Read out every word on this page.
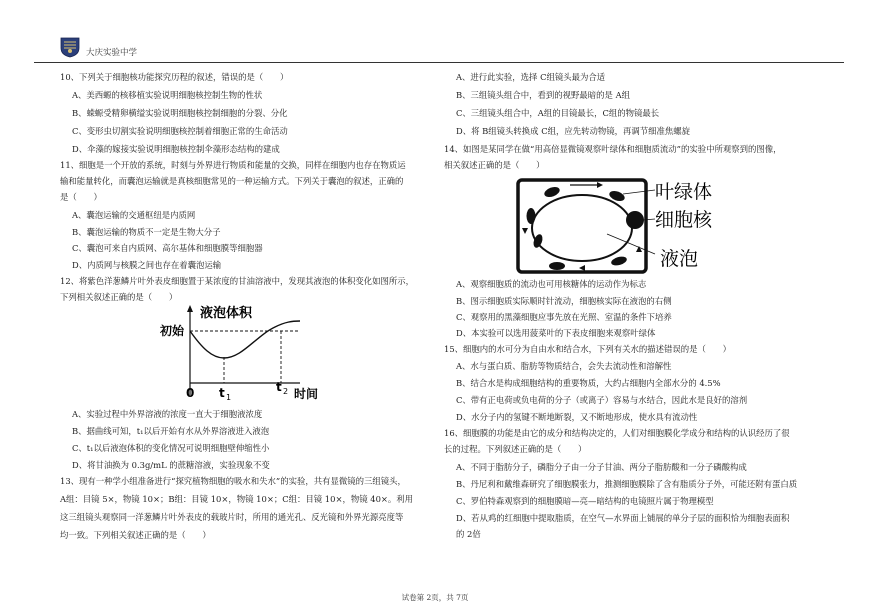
大庆实验中学
10、下列关于细胞核功能探究历程的叙述，错误的是（　　）
A、美西螈的核移植实验说明细胞核控制生物的性状
B、蝾螈受精卵横缢实验说明细胞核控制细胞的分裂、分化
C、变形虫切割实验说明细胞核控制着细胞正常的生命活动
D、伞藻的嫁接实验说明细胞核控制伞藻形态结构的建成
11、细胞是一个开放的系统，时刻与外界进行物质和能量的交换，同样在细胞内也存在物质运
输和能量转化，而囊泡运输就是真核细胞常见的一种运输方式。下列关于囊泡的叙述，正确的
是（　　）
A、囊泡运输的交通枢纽是内质网
B、囊泡运输的物质不一定是生物大分子
C、囊泡可来自内质网、高尔基体和细胞膜等细胞器
D、内质网与核膜之间也存在着囊泡运输
12、将紫色洋葱鳞片叶外表皮细胞置于某浓度的甘油溶液中，发现其液泡的体积变化如图所示，
下列相关叙述正确的是（　　）
A、实验过程中外界溶液的浓度一直大于细胞液浓度
B、据曲线可知，t₁以后开始有水从外界溶液进入液泡
C、t₁以后液泡体积的变化情况可说明细胞壁伸缩性小
D、将甘油换为 0.3g/mL 的蔗糖溶液，实验现象不变
13、现有一种学小组准备进行“探究植物细胞的吸水和失水”的实验，共有显微镜的三组镜头，
A组：目镜 5×，物镜 10×；B组：目镜 10×，物镜 10×；C组：目镜 10×，物镜 40×。利用
这三组镜头观察同一洋葱鳞片叶外表皮的载玻片时，所用的通光孔、反光镜和外界光源亮度等
均一致。下列相关叙述正确的是（　　）
液泡体积
初始
0 t 1
t 2 时间
A、进行此实验，选择 C组镜头最为合适
B、三组镜头组合中，看到的视野最暗的是 A组
C、三组镜头组合中，A组的目镜最长，C组的物镜最长
D、将 B组镜头转换成 C组，应先转动物镜，再调节细准焦螺旋
14、如图是某同学在做“用高倍显微镜观察叶绿体和细胞质流动”的实验中所观察到的图像，
相关叙述正确的是（　　）
A、观察细胞质的流动也可用核糖体的运动作为标志
B、图示细胞质实际顺时针流动，细胞核实际在液泡的右侧
C、观察用的黑藻细胞应事先放在光照、室温的条件下培养
D、本实验可以选用菠菜叶的下表皮细胞来观察叶绿体
15、细胞内的水可分为自由水和结合水，下列有关水的描述错误的是（　　）
A、水与蛋白质、脂肪等物质结合，会失去流动性和溶解性
B、结合水是构成细胞结构的重要物质，大约占细胞内全部水分的 4.5%
C、带有正电荷或负电荷的分子（或离子）容易与水结合，因此水是良好的溶剂
D、水分子内的氢键不断地断裂，又不断地形成，使水具有流动性
16、细胞膜的功能是由它的成分和结构决定的，人们对细胞膜化学成分和结构的认识经历了很
长的过程。下列叙述正确的是（　　）
A、不同于脂肪分子，磷脂分子由一分子甘油、两分子脂肪酸和一分子磷酸构成
B、丹尼利和戴维森研究了细胞膜张力，推测细胞膜除了含有脂质分子外，可能还附有蛋白质
C、罗伯特森观察到的细胞膜暗—亮—暗结构的电镜照片属于物理模型
D、若从鸡的红细胞中提取脂质，在空气—水界面上铺展的单分子层的面积恰为细胞表面积
的 2倍
叶绿体
细胞核
液泡
试卷第 2页，共 7页
